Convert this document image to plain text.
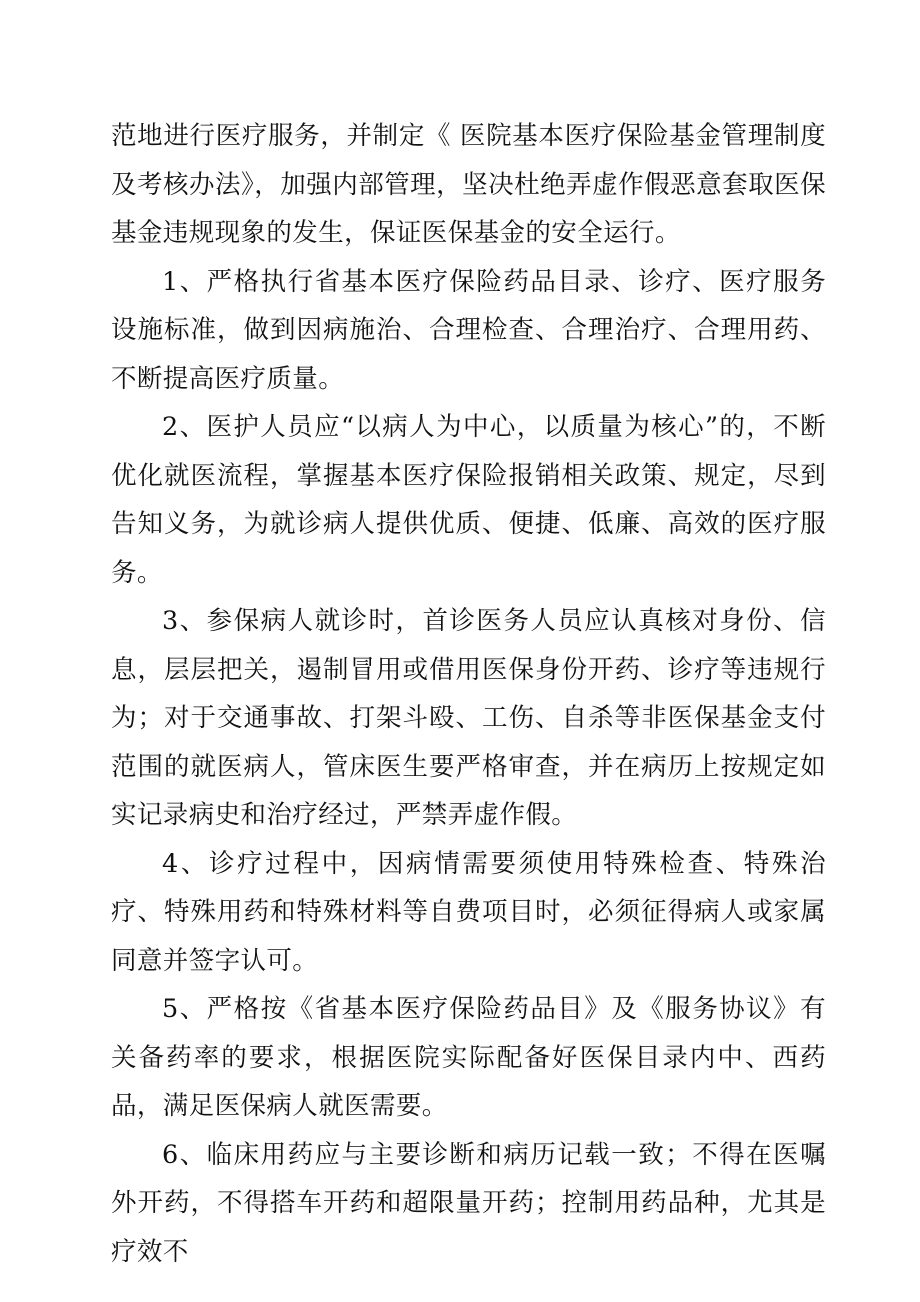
范地进行医疗服务，并制定《 医院基本医疗保险基金管理制度及考核办法》，加强内部管理，坚决杜绝弄虚作假恶意套取医保基金违规现象的发生，保证医保基金的安全运行。

1、严格执行省基本医疗保险药品目录、诊疗、医疗服务设施标准，做到因病施治、合理检查、合理治疗、合理用药、不断提高医疗质量。

2、医护人员应“以病人为中心，以质量为核心”的，不断优化就医流程，掌握基本医疗保险报销相关政策、规定，尽到告知义务，为就诊病人提供优质、便捷、低廉、高效的医疗服务。

3、参保病人就诊时，首诊医务人员应认真核对身份、信息，层层把关，遏制冒用或借用医保身份开药、诊疗等违规行为；对于交通事故、打架斗殴、工伤、自杀等非医保基金支付范围的就医病人，管床医生要严格审查，并在病历上按规定如实记录病史和治疗经过，严禁弄虚作假。

4、诊疗过程中，因病情需要须使用特殊检查、特殊治疗、特殊用药和特殊材料等自费项目时，必须征得病人或家属同意并签字认可。

5、严格按《省基本医疗保险药品目》及《服务协议》有关备药率的要求，根据医院实际配备好医保目录内中、西药品，满足医保病人就医需要。

6、临床用药应与主要诊断和病历记载一致；不得在医嘱外开药，不得搭车开药和超限量开药；控制用药品种，尤其是疗效不
